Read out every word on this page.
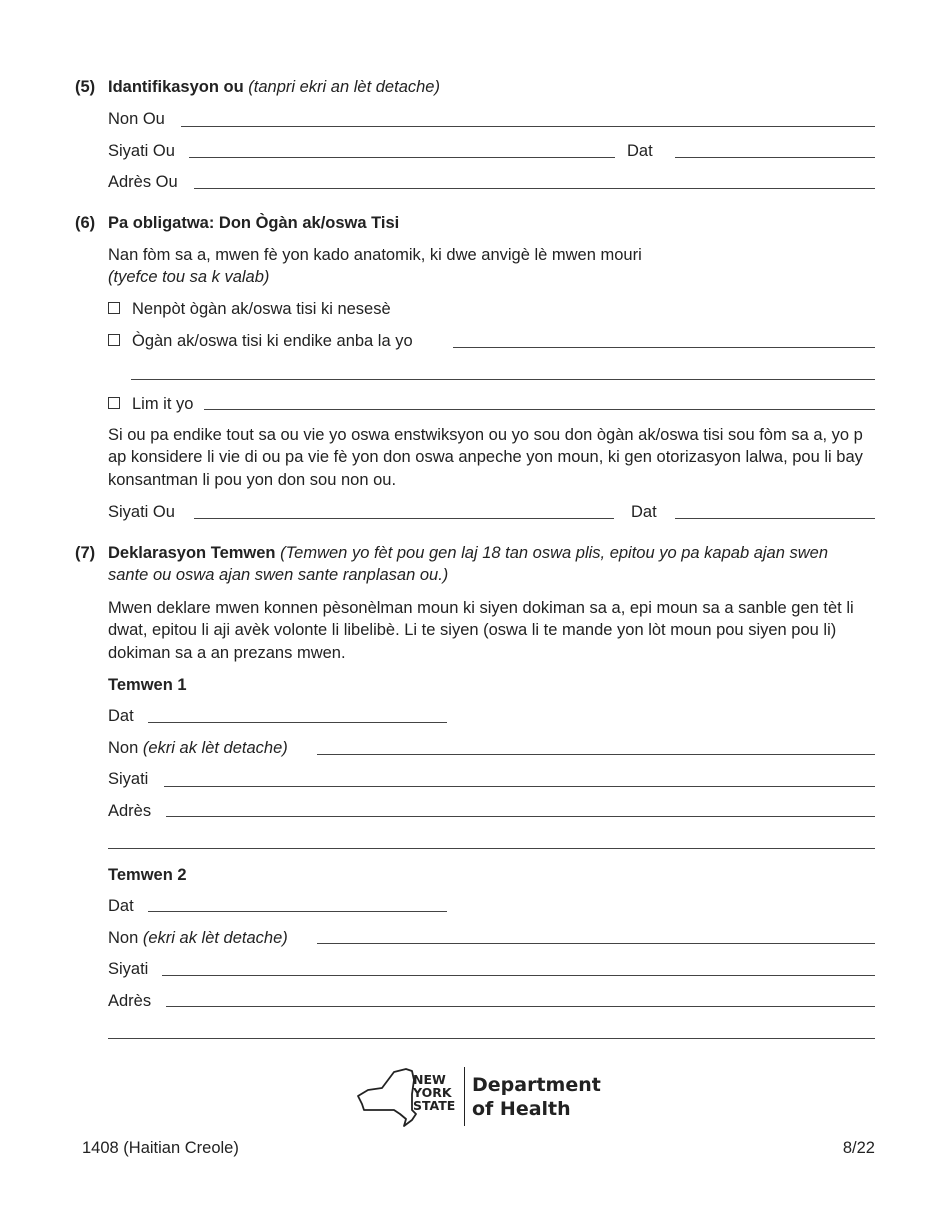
(5) Idantifikasyon ou (tanpri ekri an lèt detache)
Non Ou
Siyati Ou	Dat
Adrès Ou
(6) Pa obligatwa: Don Ògàn ak/oswa Tisi
Nan fòm sa a, mwen fè yon kado anatomik, ki dwe anvigè lè mwen mouri
(tyefce tou sa k valab)
Nenpòt ògàn ak/oswa tisi ki nesesè
Ògàn ak/oswa tisi ki endike anba la yo
Lim it yo
Si ou pa endike tout sa ou vie yo oswa enstwiksyon ou yo sou don ògàn ak/oswa tisi sou fòm sa a, yo p ap konsidere li vie di ou pa vie fè yon don oswa anpeche yon moun, ki gen otorizasyon lalwa, pou li bay konsantman li pou yon don sou non ou.
Siyati Ou	Dat
(7) Deklarasyon Temwen (Temwen yo fèt pou gen laj 18 tan oswa plis, epitou yo pa kapab ajan swen sante ou oswa ajan swen sante ranplasan ou.)
Mwen deklare mwen konnen pèsonèlman moun ki siyen dokiman sa a, epi moun sa a sanble gen tèt li dwat, epitou li aji avèk volonte li libelibè. Li te siyen (oswa li te mande yon lòt moun pou siyen pou li) dokiman sa a an prezans mwen.
Temwen 1
Dat
Non (ekri ak lèt detache)
Siyati
Adrès
Temwen 2
Dat
Non (ekri ak lèt detache)
Siyati
Adrès
NEW
YORK
STATE
Department
of Health
1408 (Haitian Creole)	8/22
